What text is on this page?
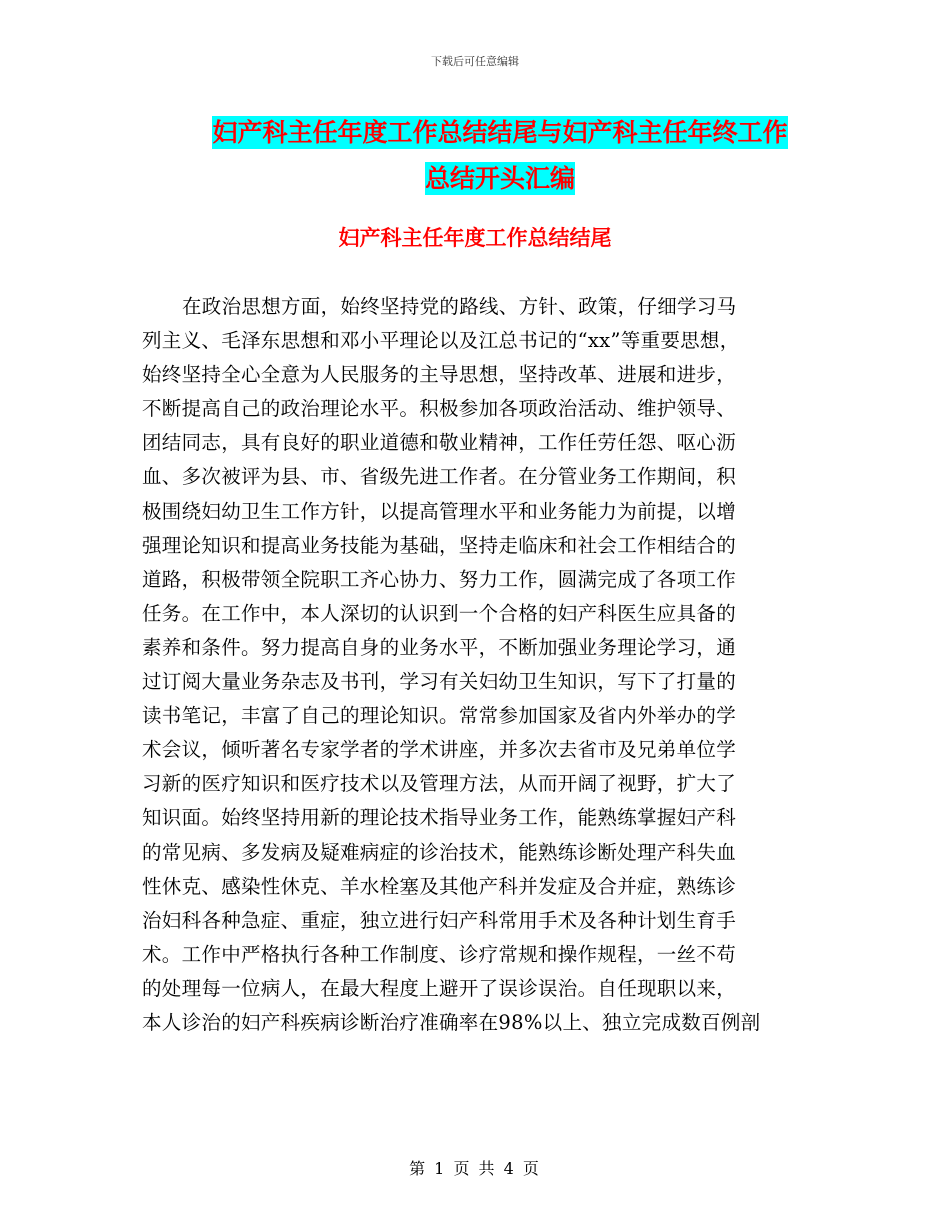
下载后可任意编辑
妇产科主任年度工作总结结尾与妇产科主任年终工作
总结开头汇编
妇产科主任年度工作总结结尾
在政治思想方面，始终坚持党的路线、方针、政策，仔细学习马
列主义、毛泽东思想和邓小平理论以及江总书记的“xx”等重要思想，
始终坚持全心全意为人民服务的主导思想，坚持改革、进展和进步，
不断提高自己的政治理论水平。积极参加各项政治活动、维护领导、
团结同志，具有良好的职业道德和敬业精神，工作任劳任怨、呕心沥
血、多次被评为县、市、省级先进工作者。在分管业务工作期间，积
极围绕妇幼卫生工作方针，以提高管理水平和业务能力为前提，以增
强理论知识和提高业务技能为基础，坚持走临床和社会工作相结合的
道路，积极带领全院职工齐心协力、努力工作，圆满完成了各项工作
任务。在工作中，本人深切的认识到一个合格的妇产科医生应具备的
素养和条件。努力提高自身的业务水平，不断加强业务理论学习，通
过订阅大量业务杂志及书刊，学习有关妇幼卫生知识，写下了打量的
读书笔记，丰富了自己的理论知识。常常参加国家及省内外举办的学
术会议，倾听著名专家学者的学术讲座，并多次去省市及兄弟单位学
习新的医疗知识和医疗技术以及管理方法，从而开阔了视野，扩大了
知识面。始终坚持用新的理论技术指导业务工作，能熟练掌握妇产科
的常见病、多发病及疑难病症的诊治技术，能熟练诊断处理产科失血
性休克、感染性休克、羊水栓塞及其他产科并发症及合并症，熟练诊
治妇科各种急症、重症，独立进行妇产科常用手术及各种计划生育手
术。工作中严格执行各种工作制度、诊疗常规和操作规程，一丝不苟
的处理每一位病人，在最大程度上避开了误诊误治。自任现职以来，
本人诊治的妇产科疾病诊断治疗准确率在98%以上、独立完成数百例剖
第 1 页 共 4 页
